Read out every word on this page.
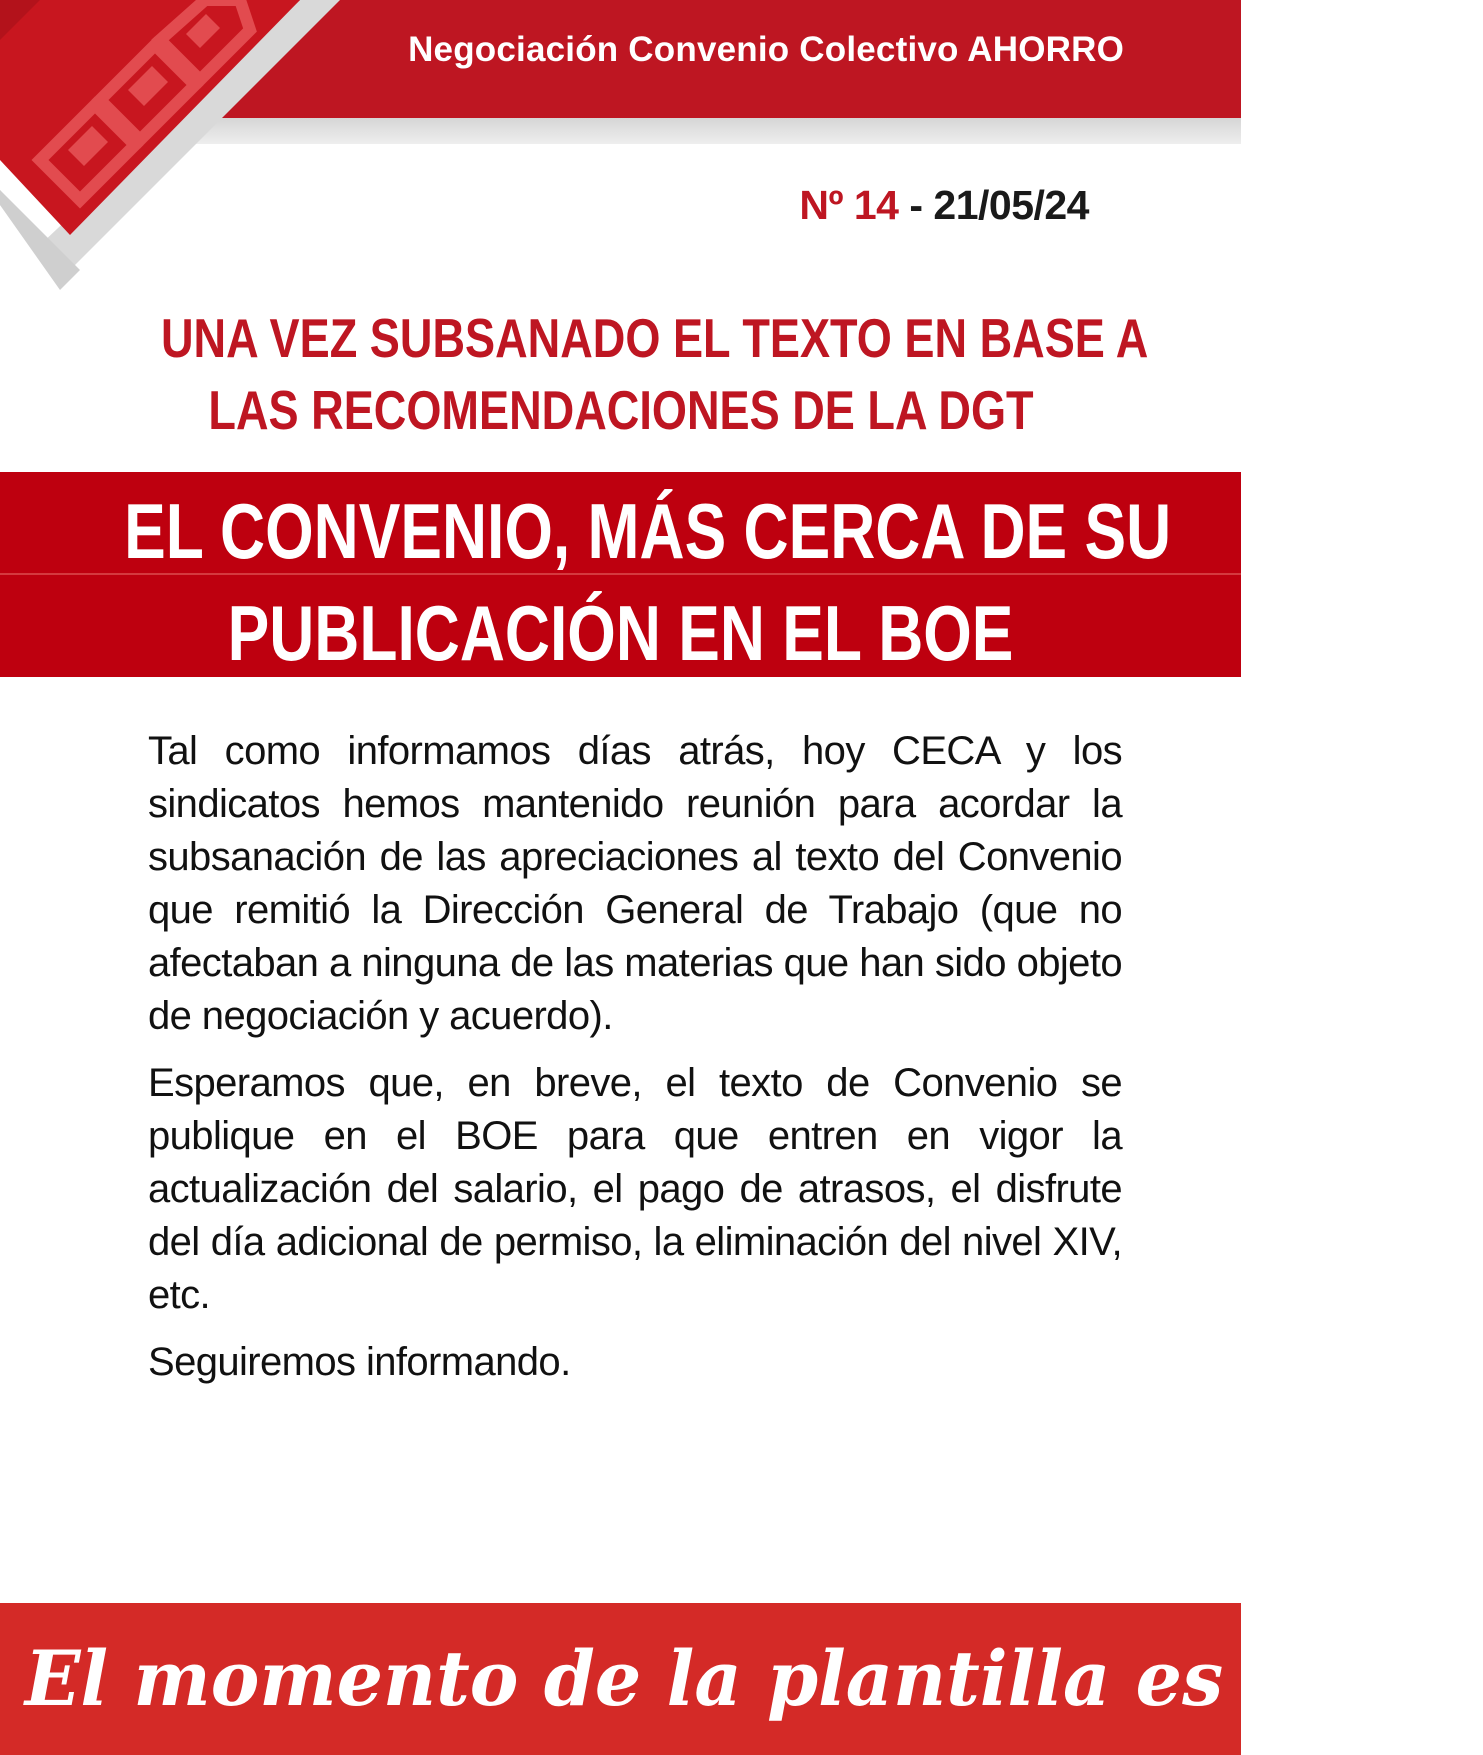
Negociación Convenio Colectivo AHORRO
Nº 14 - 21/05/24
UNA VEZ SUBSANADO EL TEXTO EN BASE A
LAS RECOMENDACIONES DE LA DGT
EL CONVENIO, MÁS CERCA DE SU
PUBLICACIÓN EN EL BOE

Tal como informamos días atrás, hoy CECA y los sindicatos hemos mantenido reunión para acordar la subsanación de las apreciaciones al texto del Convenio que remitió la Dirección General de Trabajo (que no afectaban a ninguna de las materias que han sido objeto de negociación y acuerdo).

Esperamos que, en breve, el texto de Convenio se publique en el BOE para que entren en vigor la actualización del salario, el pago de atrasos, el disfrute del día adicional de permiso, la eliminación del nivel XIV, etc.

Seguiremos informando.

El momento de la plantilla es ahora
